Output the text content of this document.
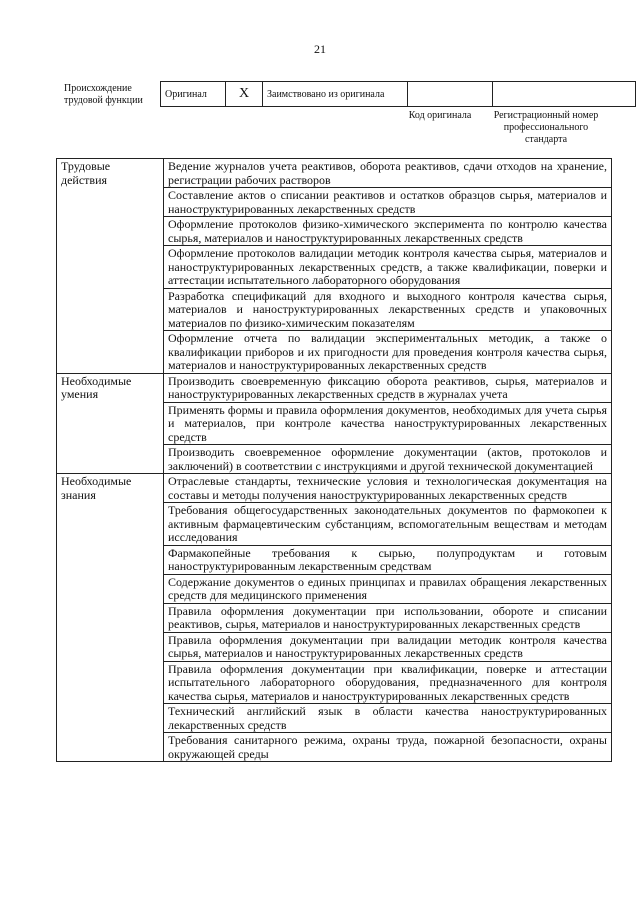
21
Происхождение трудовой функции
Оригинал	X	Заимствовано из оригинала		
Код оригинала	Регистрационный номер профессионального стандарта
Трудовые действия	Ведение журналов учета реактивов, оборота реактивов, сдачи отходов на хранение, регистрации рабочих растворов
	Составление актов о списании реактивов и остатков образцов сырья, материалов и наноструктурированных лекарственных средств
	Оформление протоколов физико-химического эксперимента по контролю качества сырья, материалов и наноструктурированных лекарственных средств
	Оформление протоколов валидации методик контроля качества сырья, материалов и наноструктурированных лекарственных средств, а также квалификации, поверки и аттестации испытательного лабораторного оборудования
	Разработка спецификаций для входного и выходного контроля качества сырья, материалов и наноструктурированных лекарственных средств и упаковочных материалов по физико-химическим показателям
	Оформление отчета по валидации экспериментальных методик, а также о квалификации приборов и их пригодности для проведения контроля качества сырья, материалов и наноструктурированных лекарственных средств
Необходимые умения	Производить своевременную фиксацию оборота реактивов, сырья, материалов и наноструктурированных лекарственных средств в журналах учета
	Применять формы и правила оформления документов, необходимых для учета сырья и материалов, при контроле качества наноструктурированных лекарственных средств
	Производить своевременное оформление документации (актов, протоколов и заключений) в соответствии с инструкциями и другой технической документацией
Необходимые знания	Отраслевые стандарты, технические условия и технологическая документация на составы и методы получения наноструктурированных лекарственных средств
	Требования общегосударственных законодательных документов по фармокопеи к активным фармацевтическим субстанциям, вспомогательным веществам и методам исследования
	Фармакопейные требования к сырью, полупродуктам и готовым наноструктурированным лекарственным средствам
	Содержание документов о единых принципах и правилах обращения лекарственных средств для медицинского применения
	Правила оформления документации при использовании, обороте и списании реактивов, сырья, материалов и наноструктурированных лекарственных средств
	Правила оформления документации при валидации методик контроля качества сырья, материалов и наноструктурированных лекарственных средств
	Правила оформления документации при квалификации, поверке и аттестации испытательного лабораторного оборудования, предназначенного для контроля качества сырья, материалов и наноструктурированных лекарственных средств
	Технический английский язык в области качества наноструктурированных лекарственных средств
	Требования санитарного режима, охраны труда, пожарной безопасности, охраны окружающей среды
